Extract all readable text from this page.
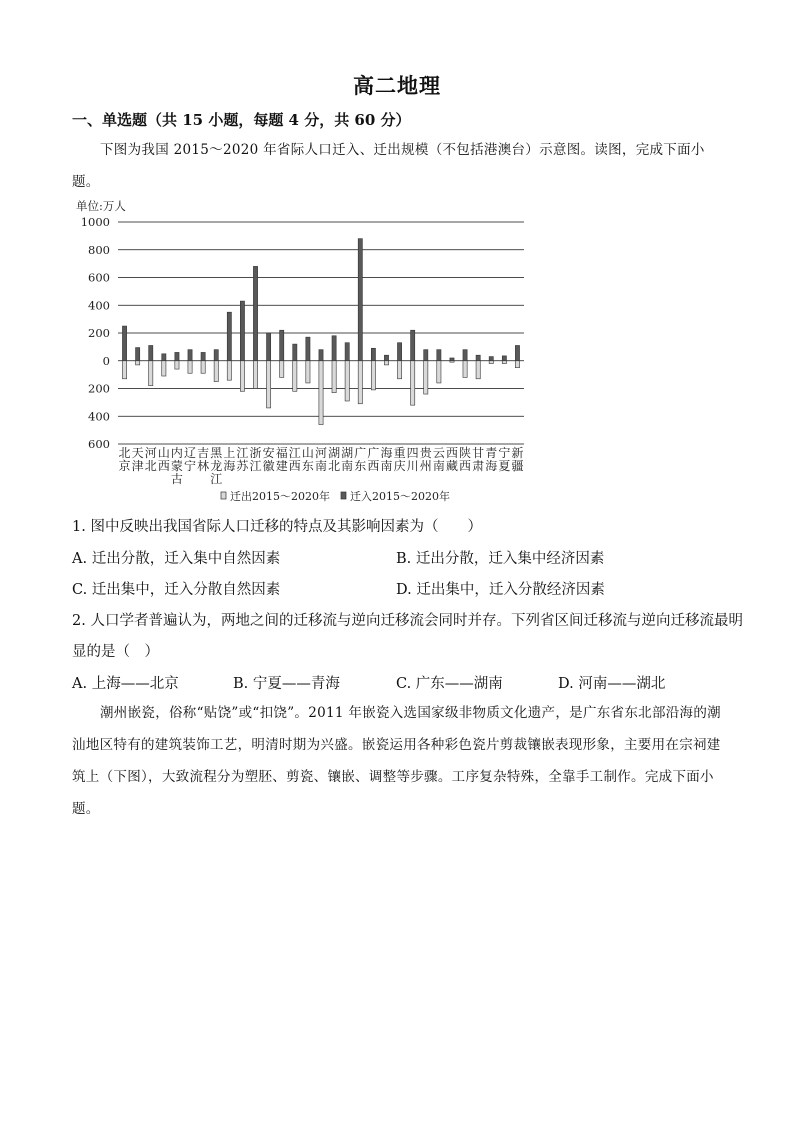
高二地理
一、单选题（共 15 小题，每题 4 分，共 60 分）
下图为我国 2015～2020 年省际人口迁入、迁出规模（不包括港澳台）示意图。读图，完成下面小题。
1000
800
600
400
200
0
200
400
600
北
京
天
津
河
北
山
西
内
蒙
古
辽
宁
吉
林
黑
龙
江
上
海
江
苏
浙
江
安
徽
福
建
江
西
山
东
河
南
湖
北
湖
南
广
东
广
西
海
南
重
庆
四
川
贵
州
云
南
西
藏
陕
西
甘
肃
青
海
宁
夏
新
疆
单位:万人
迁出2015～2020年 迁入2015～2020年
1. 图中反映出我国省际人口迁移的特点及其影响因素为（　　）
A. 迁出分散，迁入集中自然因素	B. 迁出分散，迁入集中经济因素
C. 迁出集中，迁入分散自然因素	D. 迁出集中，迁入分散经济因素
2. 人口学者普遍认为，两地之间的迁移流与逆向迁移流会同时并存。下列省区间迁移流与逆向迁移流最明
显的是（　）
A. 上海——北京	B. 宁夏——青海	C. 广东——湖南	D. 河南——湖北
潮州嵌瓷，俗称“贴饶”或“扣饶”。2011 年嵌瓷入选国家级非物质文化遗产，是广东省东北部沿海的潮汕地区特有的建筑装饰工艺，明清时期为兴盛。嵌瓷运用各种彩色瓷片剪裁镶嵌表现形象，主要用在宗祠建筑上（下图），大致流程分为塑胚、剪瓷、镶嵌、调整等步骤。工序复杂特殊，全靠手工制作。完成下面小题。
